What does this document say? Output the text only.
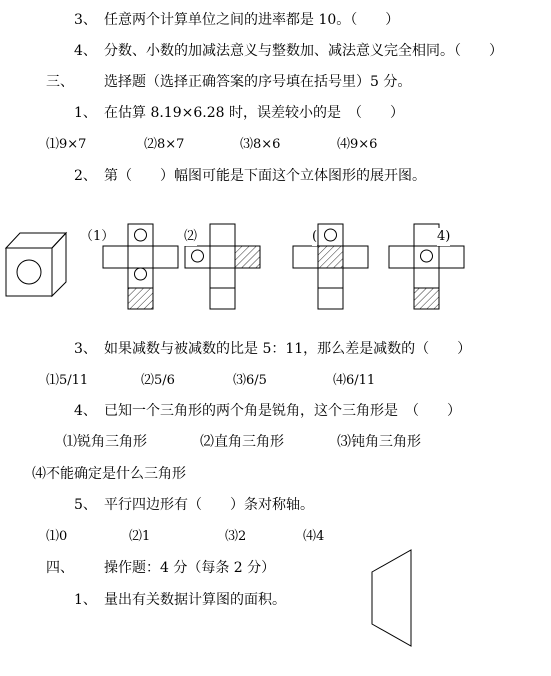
3、 任意两个计算单位之间的进率都是 10。（　　）
4、 分数、小数的加减法意义与整数加、减法意义完全相同。（　　）
三、 选择题（选择正确答案的序号填在括号里）5 分。
1、 在估算 8.19×6.28 时，误差较小的是　（　　）
⑴9×7	⑵8×7	⑶8×6	⑷9×6
2、 第（　　）幅图可能是下面这个立体图形的展开图。
（1）	⑵	(	4)
3、 如果减数与被减数的比是 5：11，那么差是减数的（　　）
⑴5/11	⑵5/6	⑶6/5	⑷6/11
4、 已知一个三角形的两个角是锐角，这个三角形是　（　　）
⑴锐角三角形	⑵直角三角形	⑶钝角三角形
⑷不能确定是什么三角形
5、 平行四边形有（　　）条对称轴。
⑴0	⑵1	⑶2	⑷4
四、 操作题：4 分（每条 2 分）
1、 量出有关数据计算图的面积。
